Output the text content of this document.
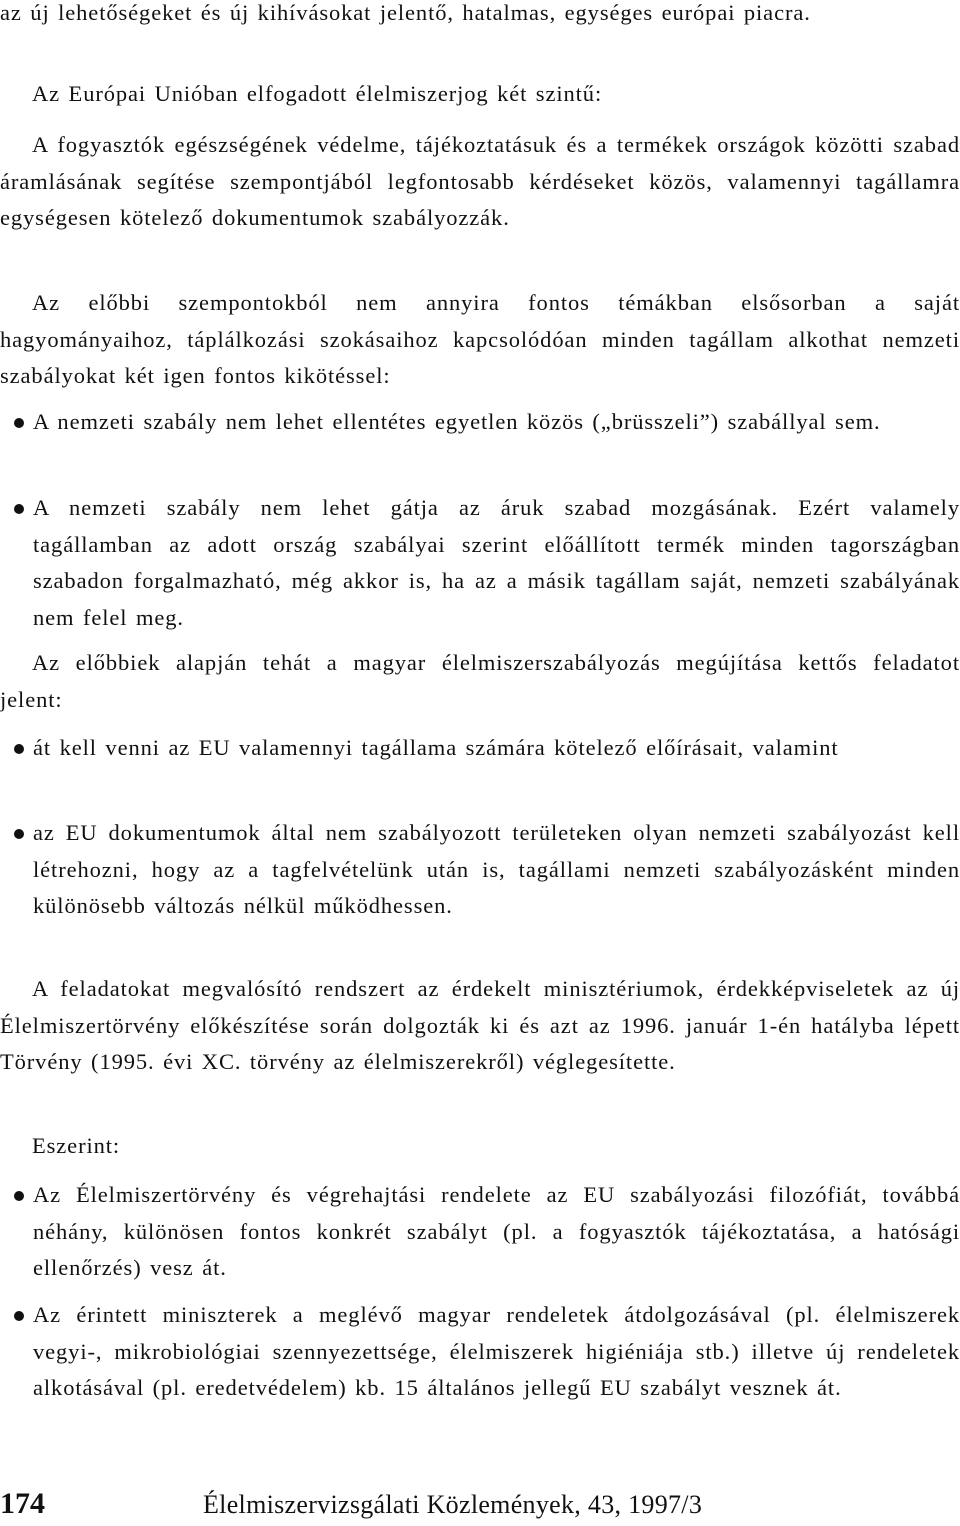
az új lehetőségeket és új kihívásokat jelentő, hatalmas, egységes európai piacra.

Az Európai Unióban elfogadott élelmiszerjog két szintű:

A fogyasztók egészségének védelme, tájékoztatásuk és a termékek országok közötti szabad áramlásának segítése szempontjából legfontosabb kérdéseket közös, valamennyi tagállamra egységesen kötelező dokumentumok szabályozzák.

Az előbbi szempontokból nem annyira fontos témákban elsősorban a saját hagyományaihoz, táplálkozási szokásaihoz kapcsolódóan minden tagállam alkothat nemzeti szabályokat két igen fontos kikötéssel:

A nemzeti szabály nem lehet ellentétes egyetlen közös („brüsszeli”) szabállyal sem.

A nemzeti szabály nem lehet gátja az áruk szabad mozgásának. Ezért valamely tagállamban az adott ország szabályai szerint előállított termék minden tagországban szabadon forgalmazható, még akkor is, ha az a másik tagállam saját, nemzeti szabályának nem felel meg.

Az előbbiek alapján tehát a magyar élelmiszerszabályozás megújítása kettős feladatot jelent:

át kell venni az EU valamennyi tagállama számára kötelező előírásait, valamint

az EU dokumentumok által nem szabályozott területeken olyan nemzeti szabályozást kell létrehozni, hogy az a tagfelvételünk után is, tagállami nemzeti szabályozásként minden különösebb változás nélkül működhessen.

A feladatokat megvalósító rendszert az érdekelt minisztériumok, érdekképviseletek az új Élelmiszertörvény előkészítése során dolgozták ki és azt az 1996. január 1-én hatályba lépett Törvény (1995. évi XC. törvény az élelmiszerekről) véglegesítette.

Eszerint:

Az Élelmiszertörvény és végrehajtási rendelete az EU szabályozási filozófiát, továbbá néhány, különösen fontos konkrét szabályt (pl. a fogyasztók tájékoztatása, a hatósági ellenőrzés) vesz át.

Az érintett miniszterek a meglévő magyar rendeletek átdolgozásával (pl. élelmiszerek vegyi-, mikrobiológiai szennyezettsége, élelmiszerek higiéniája stb.) illetve új rendeletek alkotásával (pl. eredetvédelem) kb. 15 általános jellegű EU szabályt vesznek át.

174	Élelmiszervizsgálati Közlemények, 43, 1997/3
